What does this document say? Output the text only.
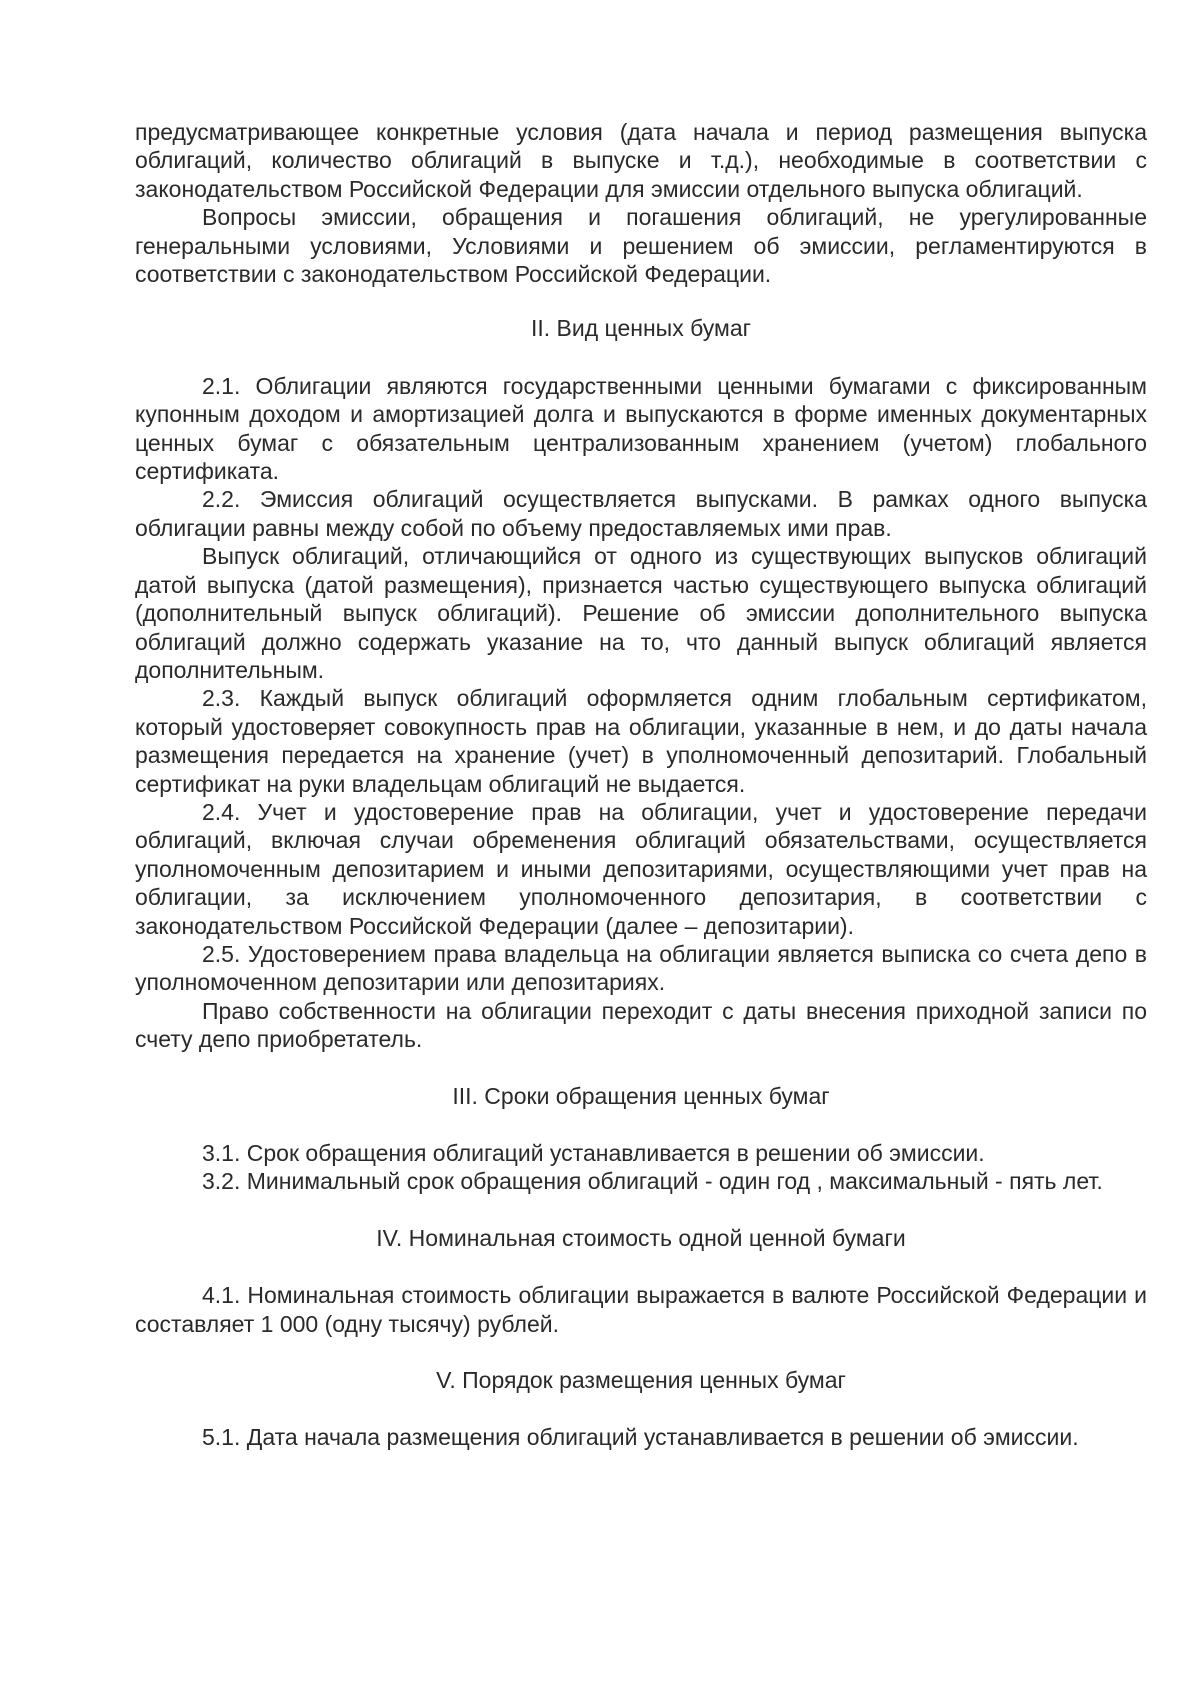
предусматривающее конкретные условия (дата начала и период размещения выпуска облигаций, количество облигаций в выпуске и т.д.), необходимые в соответствии с законодательством Российской Федерации для эмиссии отдельного выпуска облигаций.

Вопросы эмиссии, обращения и погашения облигаций, не урегулированные генеральными условиями, Условиями и решением об эмиссии, регламентируются в соответствии с законодательством Российской Федерации.

II. Вид ценных бумаг

2.1. Облигации являются государственными ценными бумагами с фиксированным купонным доходом и амортизацией долга и выпускаются в форме именных документарных ценных бумаг с обязательным централизованным хранением (учетом) глобального сертификата.

2.2. Эмиссия облигаций осуществляется выпусками. В рамках одного выпуска облигации равны между собой по объему предоставляемых ими прав.

Выпуск облигаций, отличающийся от одного из существующих выпусков облигаций датой выпуска (датой размещения), признается частью существующего выпуска облигаций (дополнительный выпуск облигаций). Решение об эмиссии дополнительного выпуска облигаций должно содержать указание на то, что данный выпуск облигаций является дополнительным.

2.3. Каждый выпуск облигаций оформляется одним глобальным сертификатом, который удостоверяет совокупность прав на облигации, указанные в нем, и до даты начала размещения передается на хранение (учет) в уполномоченный депозитарий. Глобальный сертификат на руки владельцам облигаций не выдается.

2.4. Учет и удостоверение прав на облигации, учет и удостоверение передачи облигаций, включая случаи обременения облигаций обязательствами, осуществляется уполномоченным депозитарием и иными депозитариями, осуществляющими учет прав на облигации, за исключением уполномоченного депозитария, в соответствии с законодательством Российской Федерации (далее – депозитарии).

2.5. Удостоверением права владельца на облигации является выписка со счета депо в уполномоченном депозитарии или депозитариях.

Право собственности на облигации переходит с даты внесения приходной записи по счету депо приобретатель.

III. Сроки обращения ценных бумаг

3.1. Срок обращения облигаций устанавливается в решении об эмиссии.

3.2. Минимальный срок обращения облигаций - один год , максимальный - пять лет.

IV. Номинальная стоимость одной ценной бумаги

4.1. Номинальная стоимость облигации выражается в валюте Российской Федерации и составляет 1 000 (одну тысячу) рублей.

V. Порядок размещения ценных бумаг

5.1. Дата начала размещения облигаций устанавливается в решении об эмиссии.
